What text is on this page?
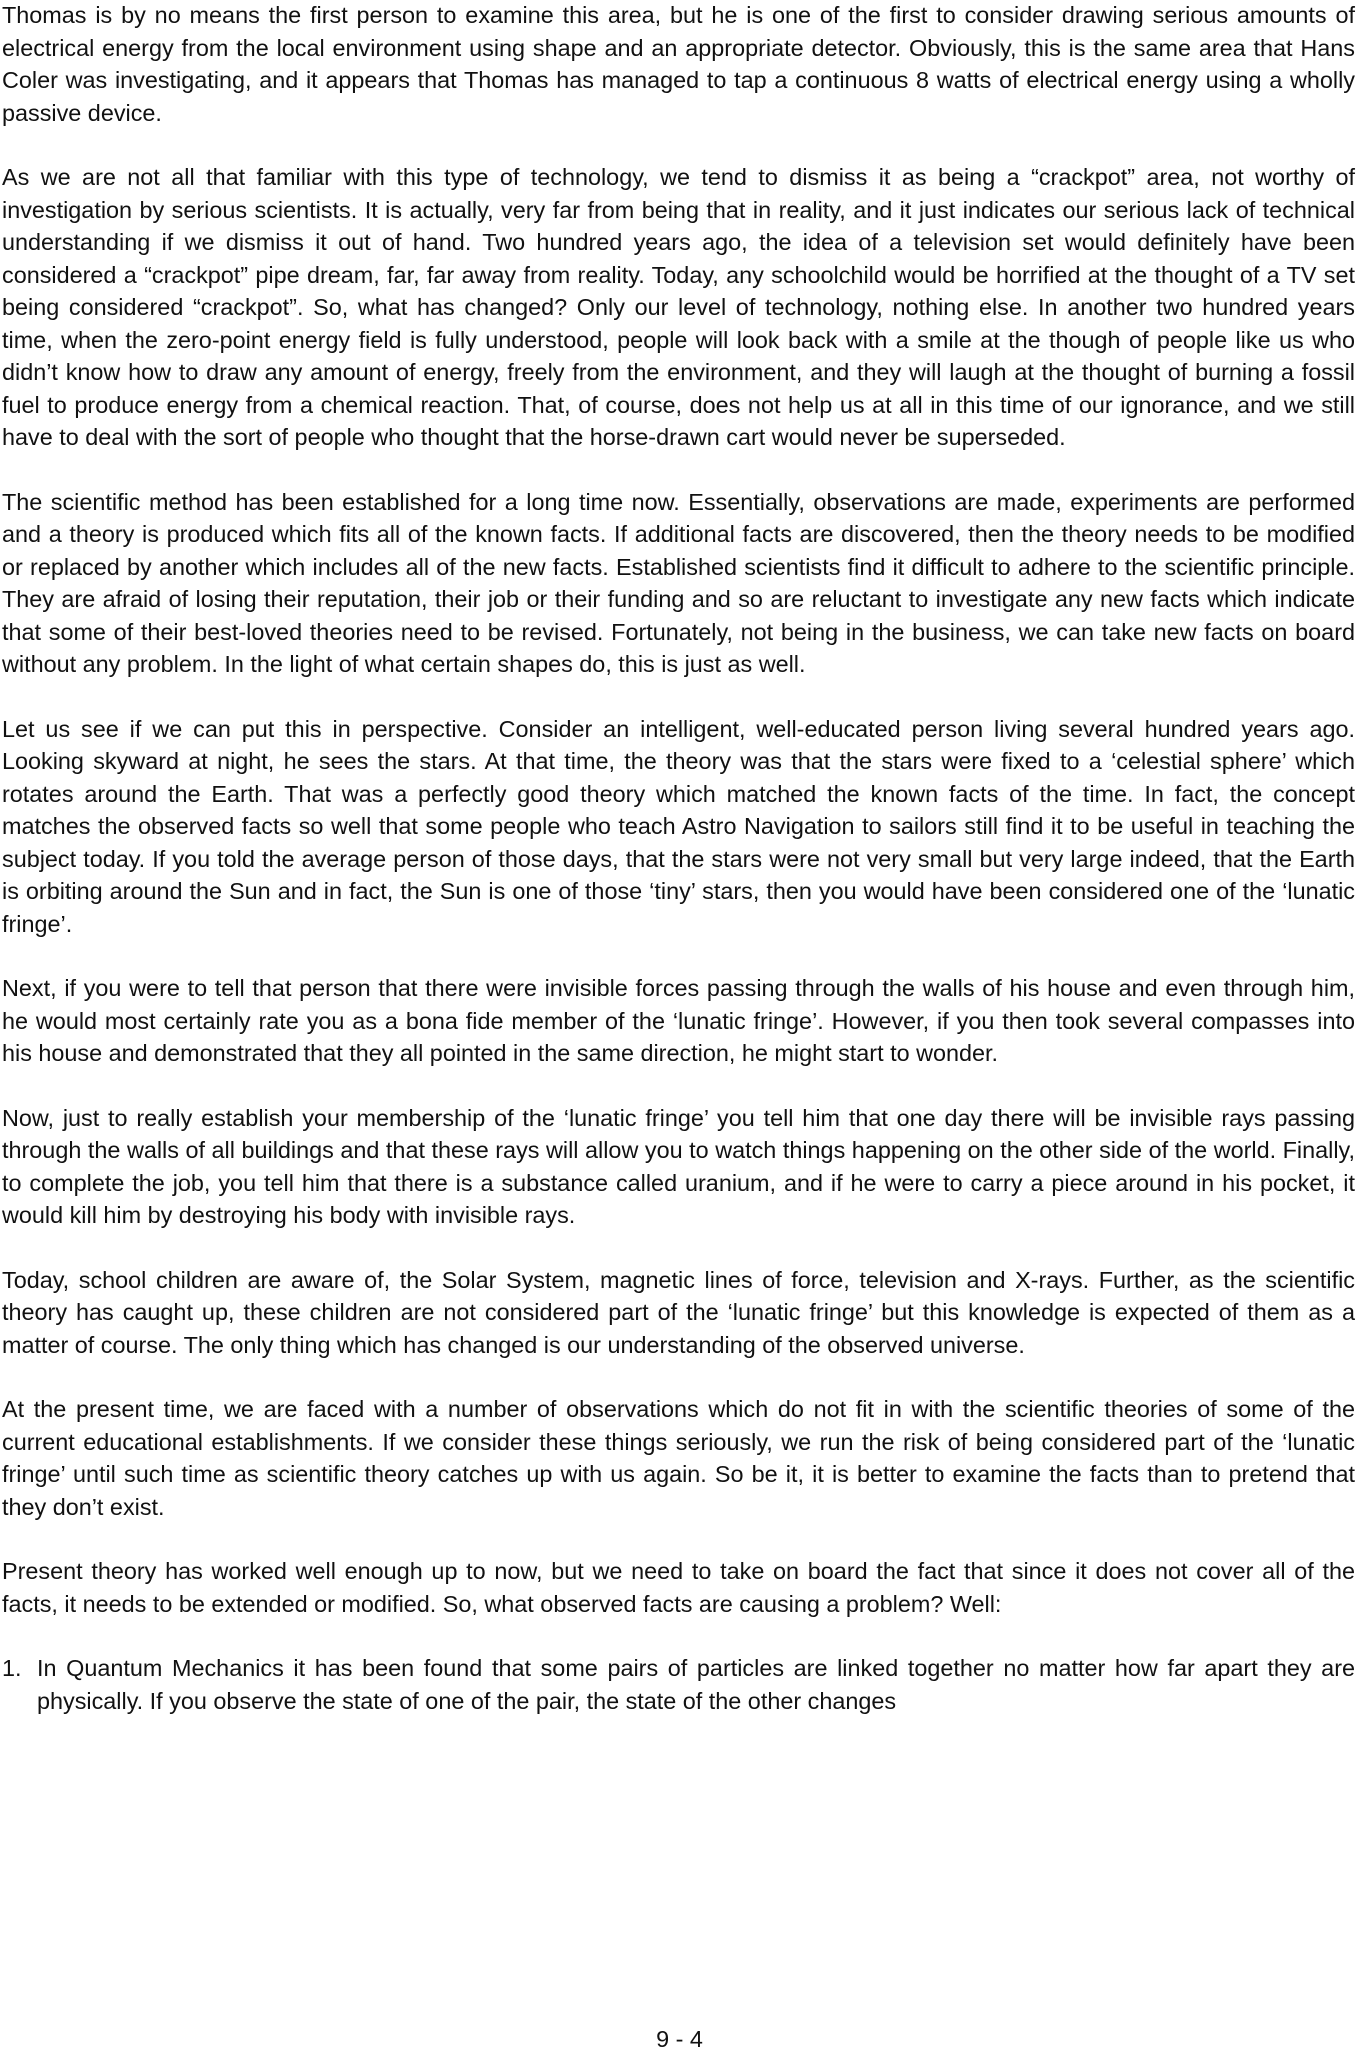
Thomas is by no means the first person to examine this area, but he is one of the first to consider drawing serious amounts of electrical energy from the local environment using shape and an appropriate detector. Obviously, this is the same area that Hans Coler was investigating, and it appears that Thomas has managed to tap a continuous 8 watts of electrical energy using a wholly passive device.

As we are not all that familiar with this type of technology, we tend to dismiss it as being a “crackpot” area, not worthy of investigation by serious scientists. It is actually, very far from being that in reality, and it just indicates our serious lack of technical understanding if we dismiss it out of hand. Two hundred years ago, the idea of a television set would definitely have been considered a “crackpot” pipe dream, far, far away from reality. Today, any schoolchild would be horrified at the thought of a TV set being considered “crackpot”. So, what has changed? Only our level of technology, nothing else. In another two hundred years time, when the zero-point energy field is fully understood, people will look back with a smile at the though of people like us who didn’t know how to draw any amount of energy, freely from the environment, and they will laugh at the thought of burning a fossil fuel to produce energy from a chemical reaction. That, of course, does not help us at all in this time of our ignorance, and we still have to deal with the sort of people who thought that the horse-drawn cart would never be superseded.

The scientific method has been established for a long time now. Essentially, observations are made, experiments are performed and a theory is produced which fits all of the known facts. If additional facts are discovered, then the theory needs to be modified or replaced by another which includes all of the new facts. Established scientists find it difficult to adhere to the scientific principle. They are afraid of losing their reputation, their job or their funding and so are reluctant to investigate any new facts which indicate that some of their best-loved theories need to be revised. Fortunately, not being in the business, we can take new facts on board without any problem. In the light of what certain shapes do, this is just as well.

Let us see if we can put this in perspective. Consider an intelligent, well-educated person living several hundred years ago. Looking skyward at night, he sees the stars. At that time, the theory was that the stars were fixed to a ‘celestial sphere’ which rotates around the Earth. That was a perfectly good theory which matched the known facts of the time. In fact, the concept matches the observed facts so well that some people who teach Astro Navigation to sailors still find it to be useful in teaching the subject today. If you told the average person of those days, that the stars were not very small but very large indeed, that the Earth is orbiting around the Sun and in fact, the Sun is one of those ‘tiny’ stars, then you would have been considered one of the ‘lunatic fringe’.

Next, if you were to tell that person that there were invisible forces passing through the walls of his house and even through him, he would most certainly rate you as a bona fide member of the ‘lunatic fringe’. However, if you then took several compasses into his house and demonstrated that they all pointed in the same direction, he might start to wonder.

Now, just to really establish your membership of the ‘lunatic fringe’ you tell him that one day there will be invisible rays passing through the walls of all buildings and that these rays will allow you to watch things happening on the other side of the world. Finally, to complete the job, you tell him that there is a substance called uranium, and if he were to carry a piece around in his pocket, it would kill him by destroying his body with invisible rays.

Today, school children are aware of, the Solar System, magnetic lines of force, television and X-rays. Further, as the scientific theory has caught up, these children are not considered part of the ‘lunatic fringe’ but this knowledge is expected of them as a matter of course. The only thing which has changed is our understanding of the observed universe.

At the present time, we are faced with a number of observations which do not fit in with the scientific theories of some of the current educational establishments. If we consider these things seriously, we run the risk of being considered part of the ‘lunatic fringe’ until such time as scientific theory catches up with us again. So be it, it is better to examine the facts than to pretend that they don’t exist.

Present theory has worked well enough up to now, but we need to take on board the fact that since it does not cover all of the facts, it needs to be extended or modified. So, what observed facts are causing a problem? Well:

1. In Quantum Mechanics it has been found that some pairs of particles are linked together no matter how far apart they are physically. If you observe the state of one of the pair, the state of the other changes
9 - 4
